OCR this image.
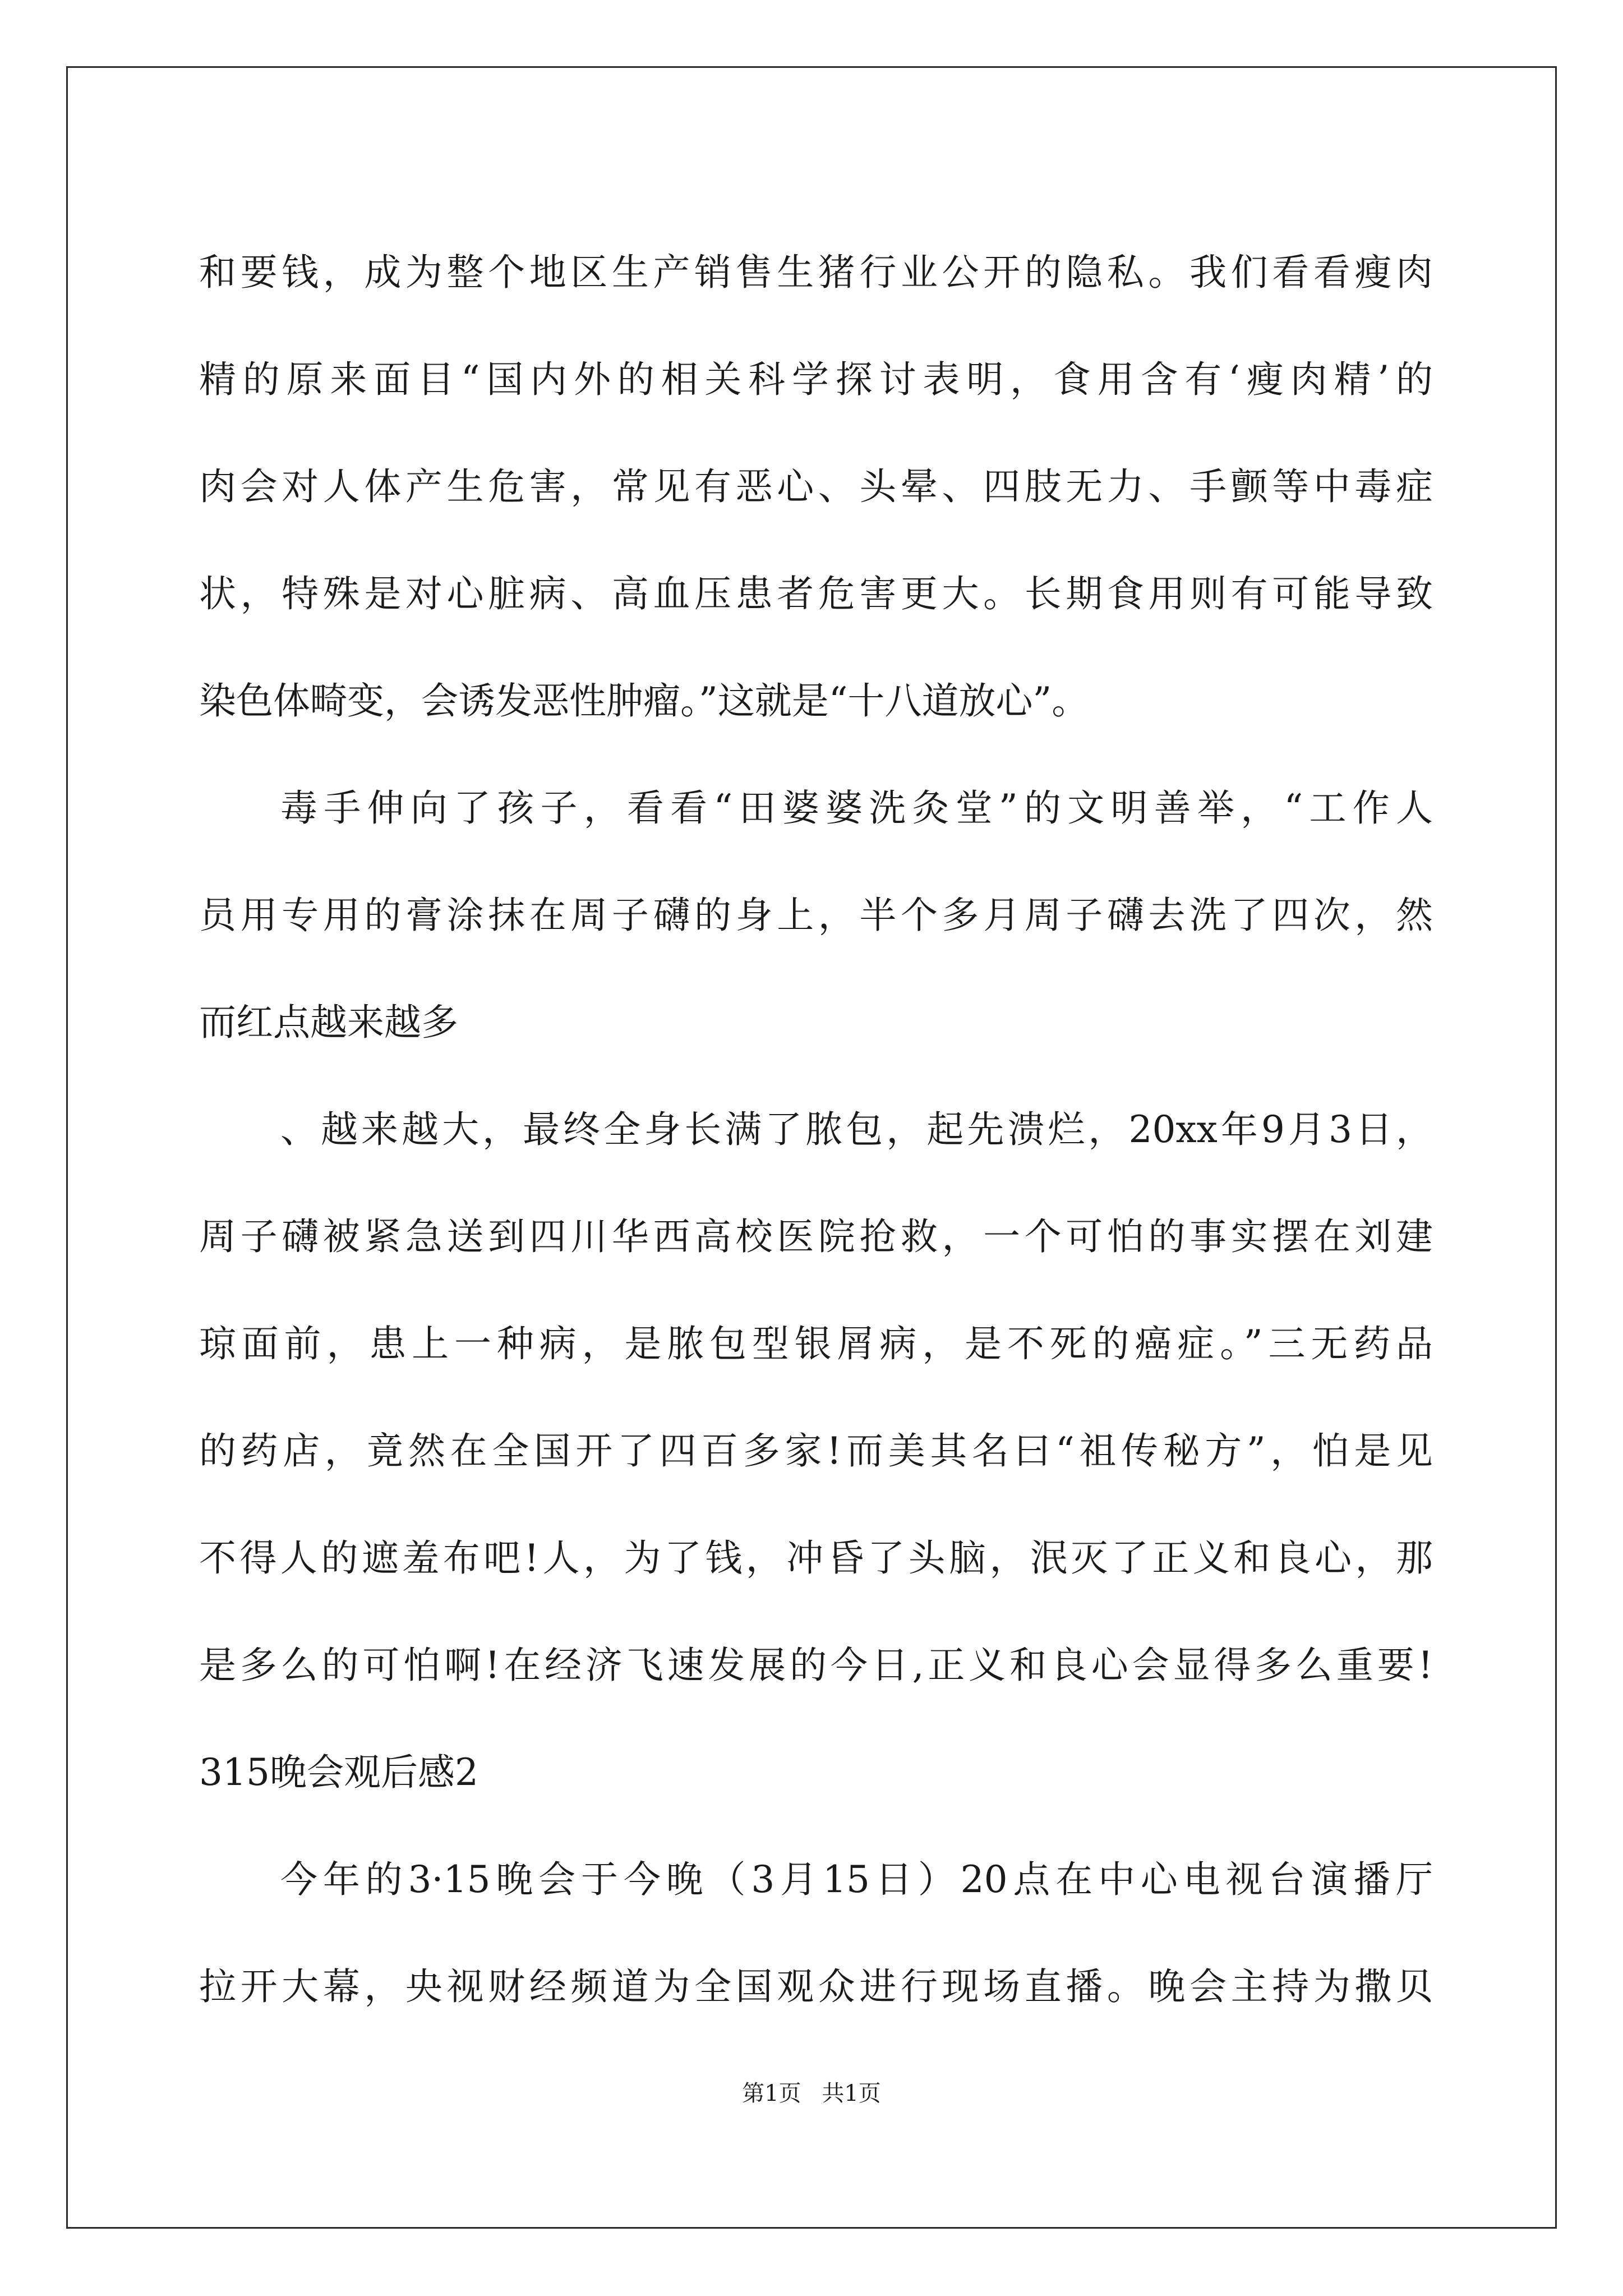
和要钱，成为整个地区生产销售生猪行业公开的隐私。我们看看瘦肉
精的原来面目“国内外的相关科学探讨表明，食用含有‘瘦肉精’的
肉会对人体产生危害，常见有恶心、头晕、四肢无力、手颤等中毒症
状，特殊是对心脏病、高血压患者危害更大。长期食用则有可能导致
染色体畸变，会诱发恶性肿瘤。”这就是“十八道放心”。
毒手伸向了孩子，看看“田婆婆洗灸堂”的文明善举，“工作人
员用专用的膏涂抹在周子礴的身上，半个多月周子礴去洗了四次，然
而红点越来越多
、越来越大，最终全身长满了脓包，起先溃烂，20xx年9月3日，
周子礴被紧急送到四川华西高校医院抢救，一个可怕的事实摆在刘建
琼面前，患上一种病，是脓包型银屑病，是不死的癌症。”三无药品
的药店，竟然在全国开了四百多家!而美其名曰“祖传秘方”，怕是见
不得人的遮羞布吧!人，为了钱，冲昏了头脑，泯灭了正义和良心，那
是多么的可怕啊!在经济飞速发展的今日,正义和良心会显得多么重要!
315晚会观后感2
今年的3·15晚会于今晚（3月15日）20点在中心电视台演播厅
拉开大幕，央视财经频道为全国观众进行现场直播。晚会主持为撒贝
第1页 共1页
